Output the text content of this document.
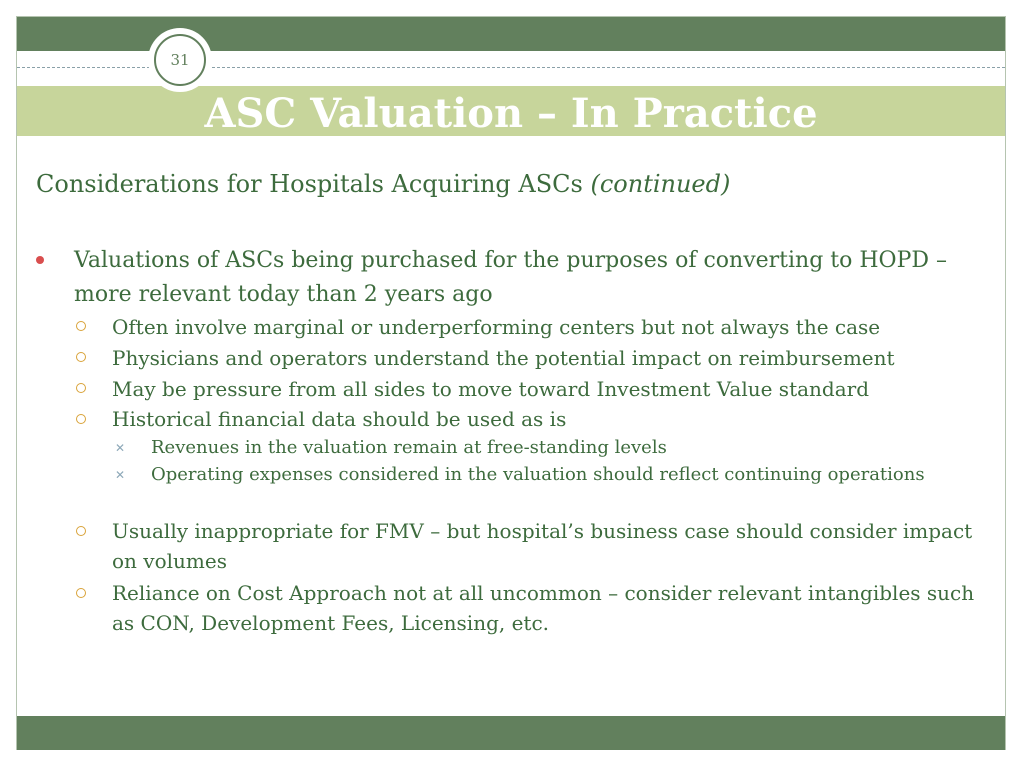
ASC Valuation – In Practice
31
Considerations for Hospitals Acquiring ASCs (continued)
Valuations of ASCs being purchased for the purposes of converting to HOPD – more relevant today than 2 years ago
Often involve marginal or underperforming centers but not always the case
Physicians and operators understand the potential impact on reimbursement
May be pressure from all sides to move toward Investment Value standard
Historical financial data should be used as is
✕ Revenues in the valuation remain at free-standing levels
✕ Operating expenses considered in the valuation should reflect continuing operations
Usually inappropriate for FMV – but hospital’s business case should consider impact on volumes
Reliance on Cost Approach not at all uncommon – consider relevant intangibles such as CON, Development Fees, Licensing, etc.
